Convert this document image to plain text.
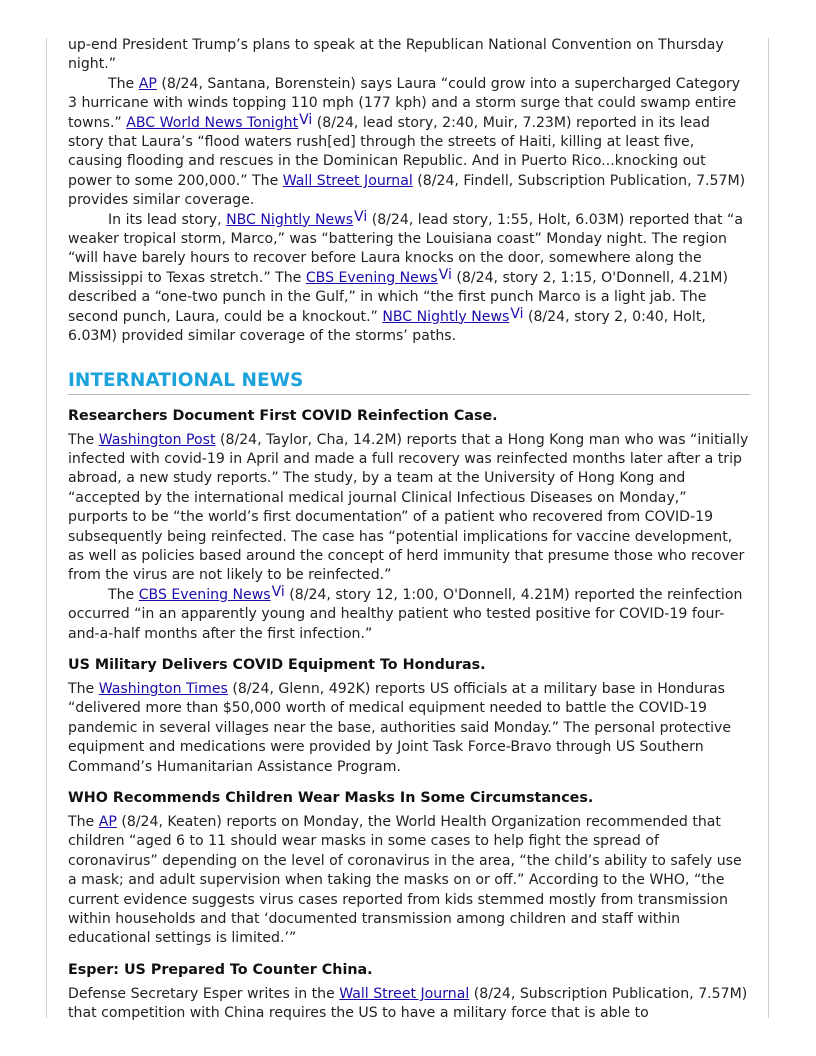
up-end President Trump’s plans to speak at the Republican National Convention on Thursday night.”

The AP (8/24, Santana, Borenstein) says Laura “could grow into a supercharged Category 3 hurricane with winds topping 110 mph (177 kph) and a storm surge that could swamp entire towns.” ABC World News Tonight$^{Vi}$ (8/24, lead story, 2:40, Muir, 7.23M) reported in its lead story that Laura’s “flood waters rush[ed] through the streets of Haiti, killing at least five, causing flooding and rescues in the Dominican Republic. And in Puerto Rico...knocking out power to some 200,000.” The Wall Street Journal (8/24, Findell, Subscription Publication, 7.57M) provides similar coverage.

In its lead story, NBC Nightly News$^{Vi}$ (8/24, lead story, 1:55, Holt, 6.03M) reported that “a weaker tropical storm, Marco,” was “battering the Louisiana coast” Monday night. The region “will have barely hours to recover before Laura knocks on the door, somewhere along the Mississippi to Texas stretch.” The CBS Evening News$^{Vi}$ (8/24, story 2, 1:15, O'Donnell, 4.21M) described a “one-two punch in the Gulf,” in which “the first punch Marco is a light jab. The second punch, Laura, could be a knockout.” NBC Nightly News$^{Vi}$ (8/24, story 2, 0:40, Holt, 6.03M) provided similar coverage of the storms’ paths.

INTERNATIONAL NEWS
Researchers Document First COVID Reinfection Case.

The Washington Post (8/24, Taylor, Cha, 14.2M) reports that a Hong Kong man who was “initially infected with covid-19 in April and made a full recovery was reinfected months later after a trip abroad, a new study reports.” The study, by a team at the University of Hong Kong and “accepted by the international medical journal Clinical Infectious Diseases on Monday,” purports to be “the world’s first documentation” of a patient who recovered from COVID-19 subsequently being reinfected. The case has “potential implications for vaccine development, as well as policies based around the concept of herd immunity that presume those who recover from the virus are not likely to be reinfected.”

The CBS Evening News$^{Vi}$ (8/24, story 12, 1:00, O'Donnell, 4.21M) reported the reinfection occurred “in an apparently young and healthy patient who tested positive for COVID-19 four-and-a-half months after the first infection.”

US Military Delivers COVID Equipment To Honduras.

The Washington Times (8/24, Glenn, 492K) reports US officials at a military base in Honduras “delivered more than $50,000 worth of medical equipment needed to battle the COVID-19 pandemic in several villages near the base, authorities said Monday.” The personal protective equipment and medications were provided by Joint Task Force-Bravo through US Southern Command’s Humanitarian Assistance Program.

WHO Recommends Children Wear Masks In Some Circumstances.

The AP (8/24, Keaten) reports on Monday, the World Health Organization recommended that children “aged 6 to 11 should wear masks in some cases to help fight the spread of coronavirus” depending on the level of coronavirus in the area, “the child’s ability to safely use a mask; and adult supervision when taking the masks on or off.” According to the WHO, “the current evidence suggests virus cases reported from kids stemmed mostly from transmission within households and that ‘documented transmission among children and staff within educational settings is limited.’”

Esper: US Prepared To Counter China.

Defense Secretary Esper writes in the Wall Street Journal (8/24, Subscription Publication, 7.57M) that competition with China requires the US to have a military force that is able to
